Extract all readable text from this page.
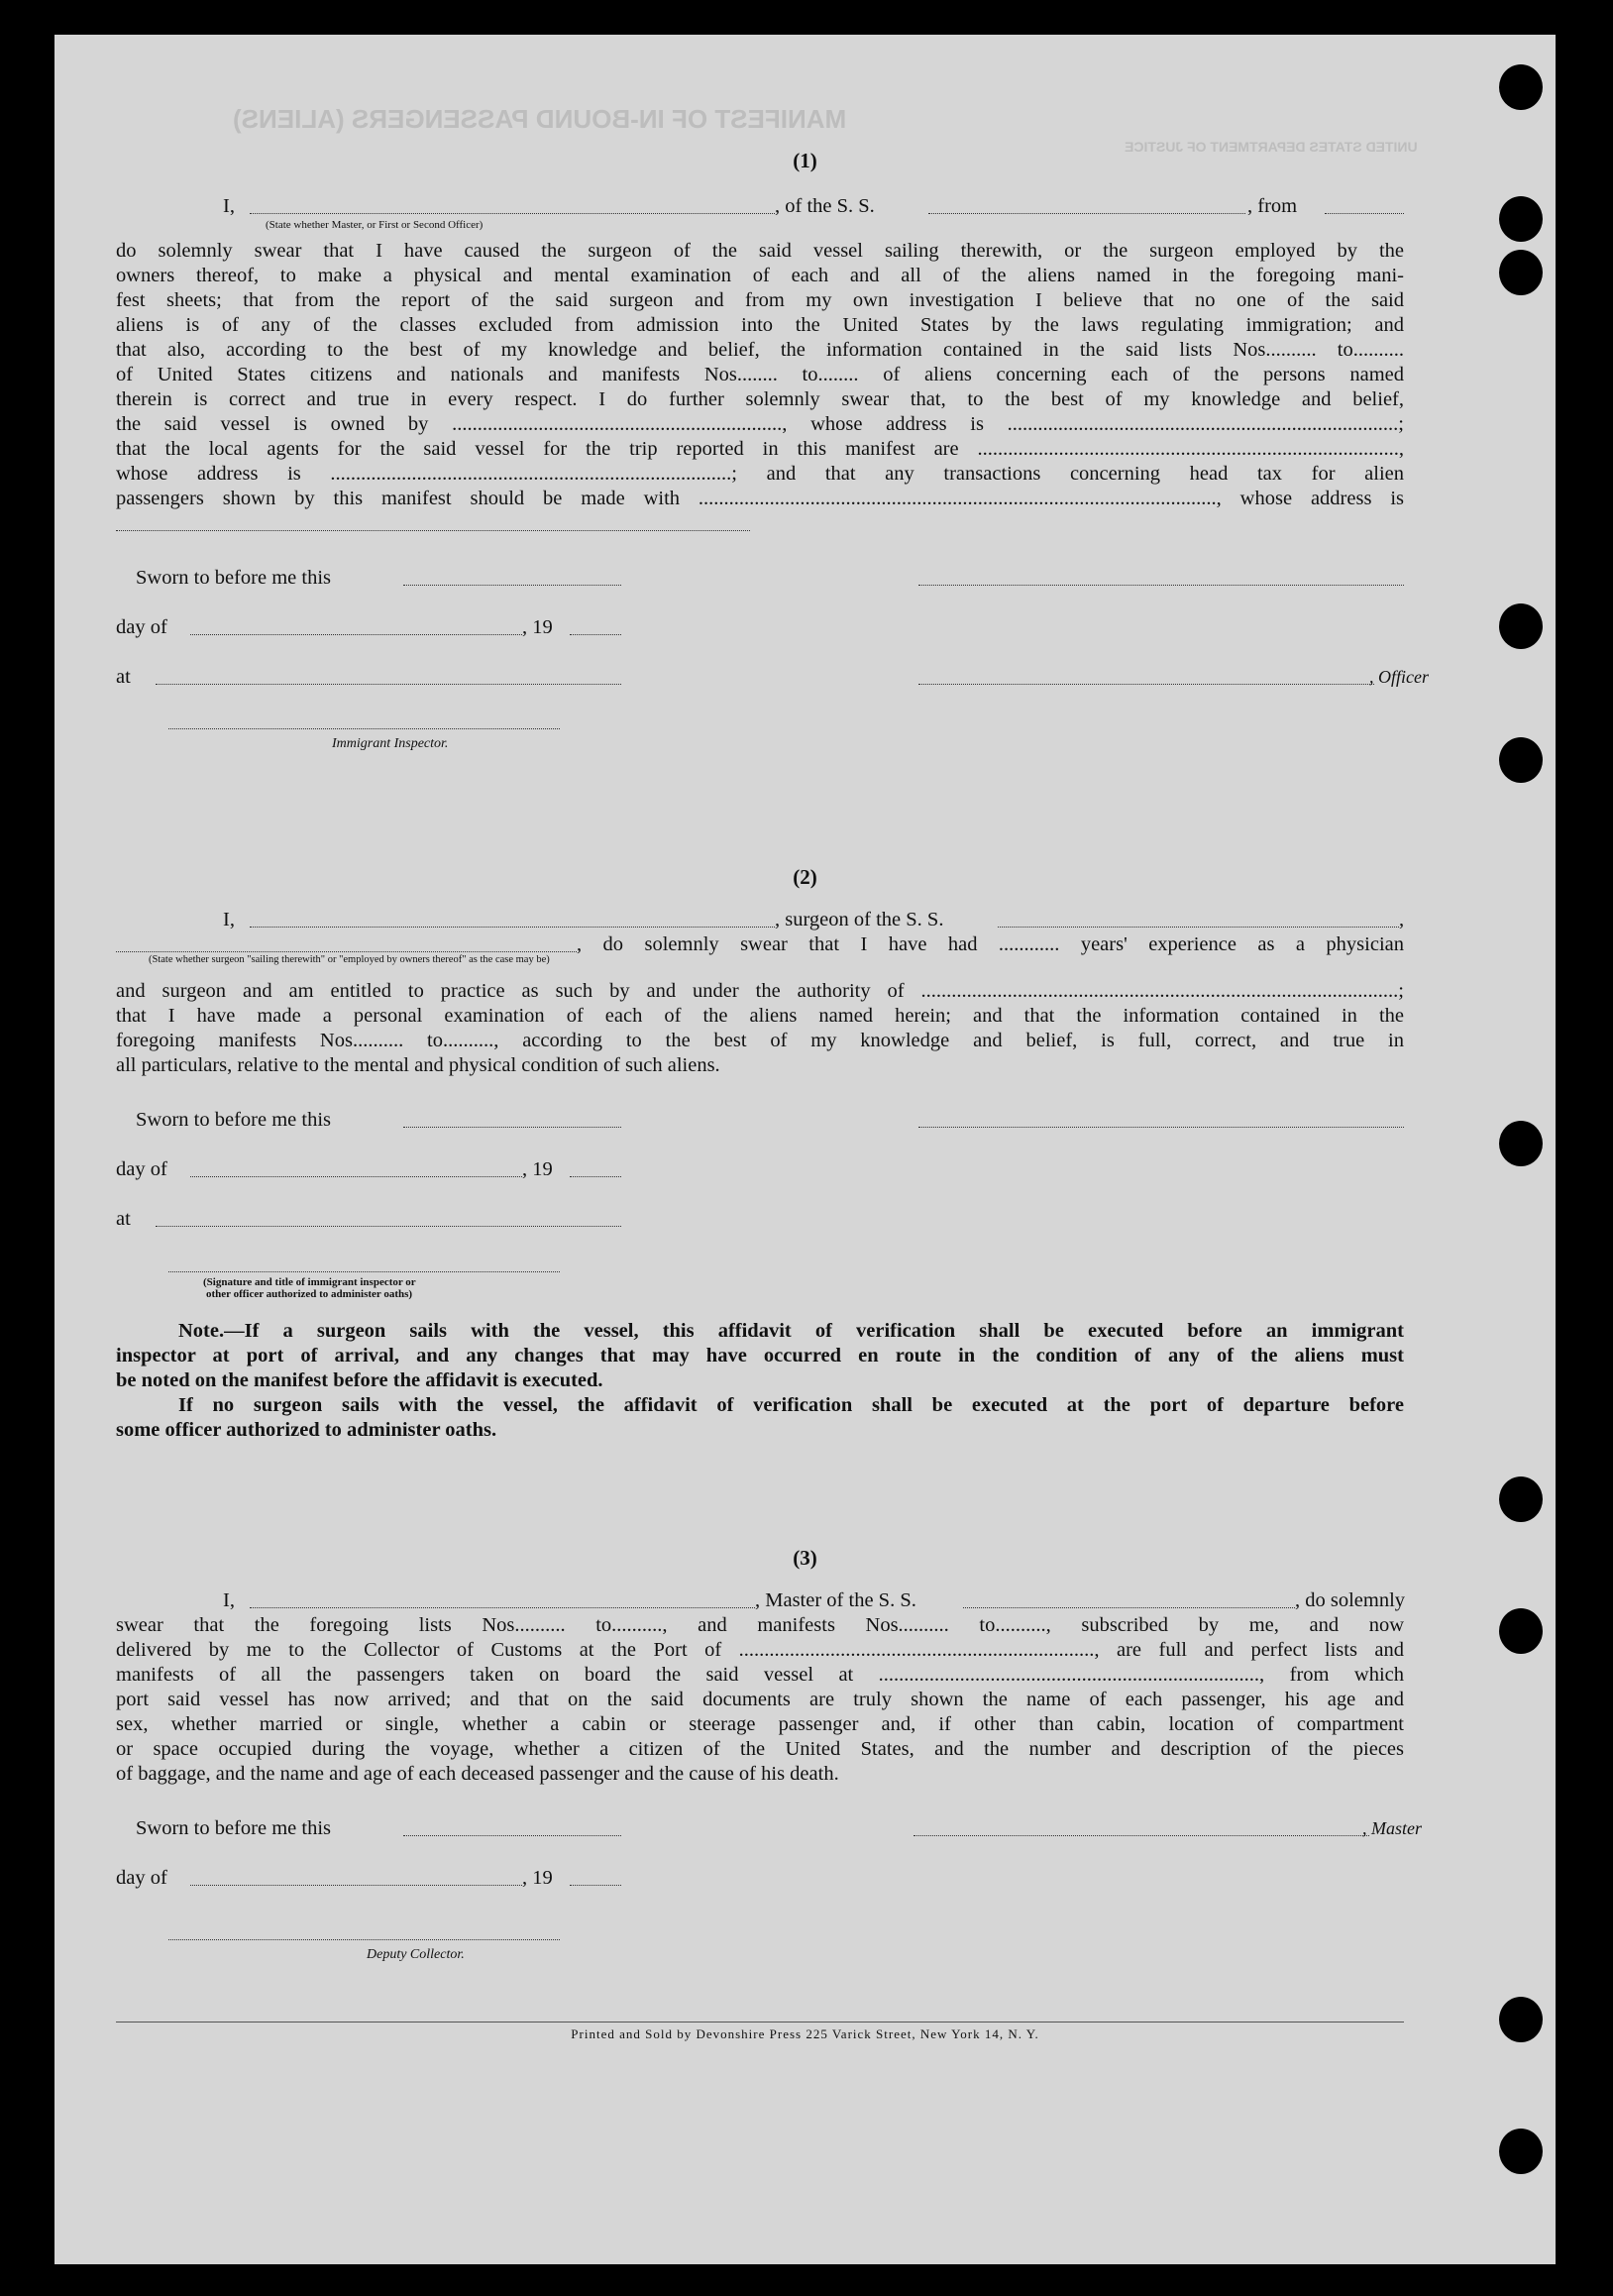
MANIFEST OF IN-BOUND PASSENGERS (ALIENS)
UNITED STATES DEPARTMENT OF JUSTICE
(1)
I,	, of the S. S.	, from
(State whether Master, or First or Second Officer)
do solemnly swear that I have caused the surgeon of the said vessel sailing therewith, or the surgeon employed by the
owners thereof, to make a physical and mental examination of each and all of the aliens named in the foregoing mani-
fest sheets; that from the report of the said surgeon and from my own investigation I believe that no one of the said
aliens is of any of the classes excluded from admission into the United States by the laws regulating immigration; and
that also, according to the best of my knowledge and belief, the information contained in the said lists Nos.......... to..........
of United States citizens and nationals and manifests Nos........ to........ of aliens concerning each of the persons named
therein is correct and true in every respect. I do further solemnly swear that, to the best of my knowledge and belief,
the said vessel is owned by ................................................................., whose address is .............................................................................;
that the local agents for the said vessel for the trip reported in this manifest are ...................................................................................,
whose address is ...............................................................................; and that any transactions concerning head tax for alien
passengers shown by this manifest should be made with ......................................................................................................, whose address is
Sworn to before me this
day of	, 19
at	, Officer
Immigrant Inspector.
(2)
I,	, surgeon of the S. S.	,
, do solemnly swear that I have had ............ years' experience as a physician
(State whether surgeon "sailing therewith" or "employed by owners thereof" as the case may be)
and surgeon and am entitled to practice as such by and under the authority of ..............................................................................................;
that I have made a personal examination of each of the aliens named herein; and that the information contained in the
foregoing manifests Nos.......... to.........., according to the best of my knowledge and belief, is full, correct, and true in
all particulars, relative to the mental and physical condition of such aliens.
Sworn to before me this
day of	, 19
at
(Signature and title of immigrant inspector or
other officer authorized to administer oaths)
Note.—If a surgeon sails with the vessel, this affidavit of verification shall be executed before an immigrant
inspector at port of arrival, and any changes that may have occurred en route in the condition of any of the aliens must
be noted on the manifest before the affidavit is executed.
If no surgeon sails with the vessel, the affidavit of verification shall be executed at the port of departure before
some officer authorized to administer oaths.
(3)
I,	, Master of the S. S.	, do solemnly
swear that the foregoing lists Nos.......... to.........., and manifests Nos.......... to.........., subscribed by me, and now
delivered by me to the Collector of Customs at the Port of ......................................................................, are full and perfect lists and
manifests of all the passengers taken on board the said vessel at ..........................................................................., from which
port said vessel has now arrived; and that on the said documents are truly shown the name of each passenger, his age and
sex, whether married or single, whether a cabin or steerage passenger and, if other than cabin, location of compartment
or space occupied during the voyage, whether a citizen of the United States, and the number and description of the pieces
of baggage, and the name and age of each deceased passenger and the cause of his death.
Sworn to before me this	, Master
day of	, 19
Deputy Collector.
Printed and Sold by Devonshire Press 225 Varick Street, New York 14, N. Y.
